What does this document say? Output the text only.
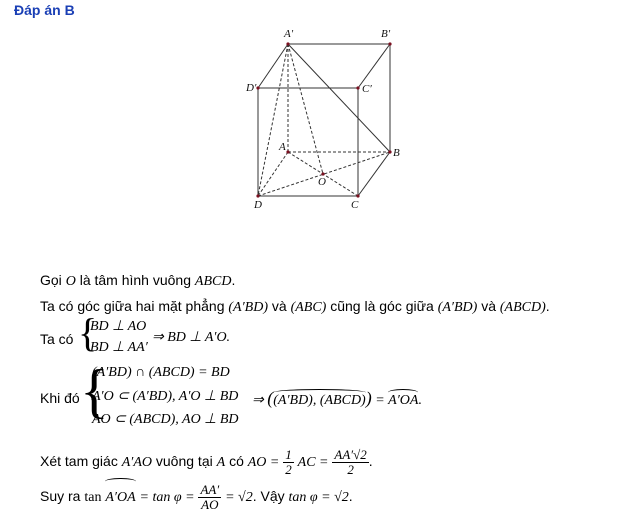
Đáp án B
A′	B′
C′
D′
A	B
C
D
O
Gọi O là tâm hình vuông ABCD.
Ta có góc giữa hai mặt phẳng (A′BD) và (ABC) cũng là góc giữa (A′BD) và (ABCD).
Ta có {
BD ⊥ AO
BD ⊥ AA′
⇒ BD ⊥ A′O.
Khi đó {
(A′BD) ∩ (ABCD) = BD
A′O ⊂ (A′BD), A′O ⊥ BD
AO ⊂ (ABCD), AO ⊥ BD
⇒ ((A′BD), (ABCD)) = A′OA.
Xét tam giác A′AO vuông tại A có AO = $\frac{1}{2}$ AC = $\frac{AA'√2}{2}$ .
Suy ra $\tan A'OA = \tan \varphi = \frac{AA'}{AO} = √2$. Vậy tan φ = √2.
